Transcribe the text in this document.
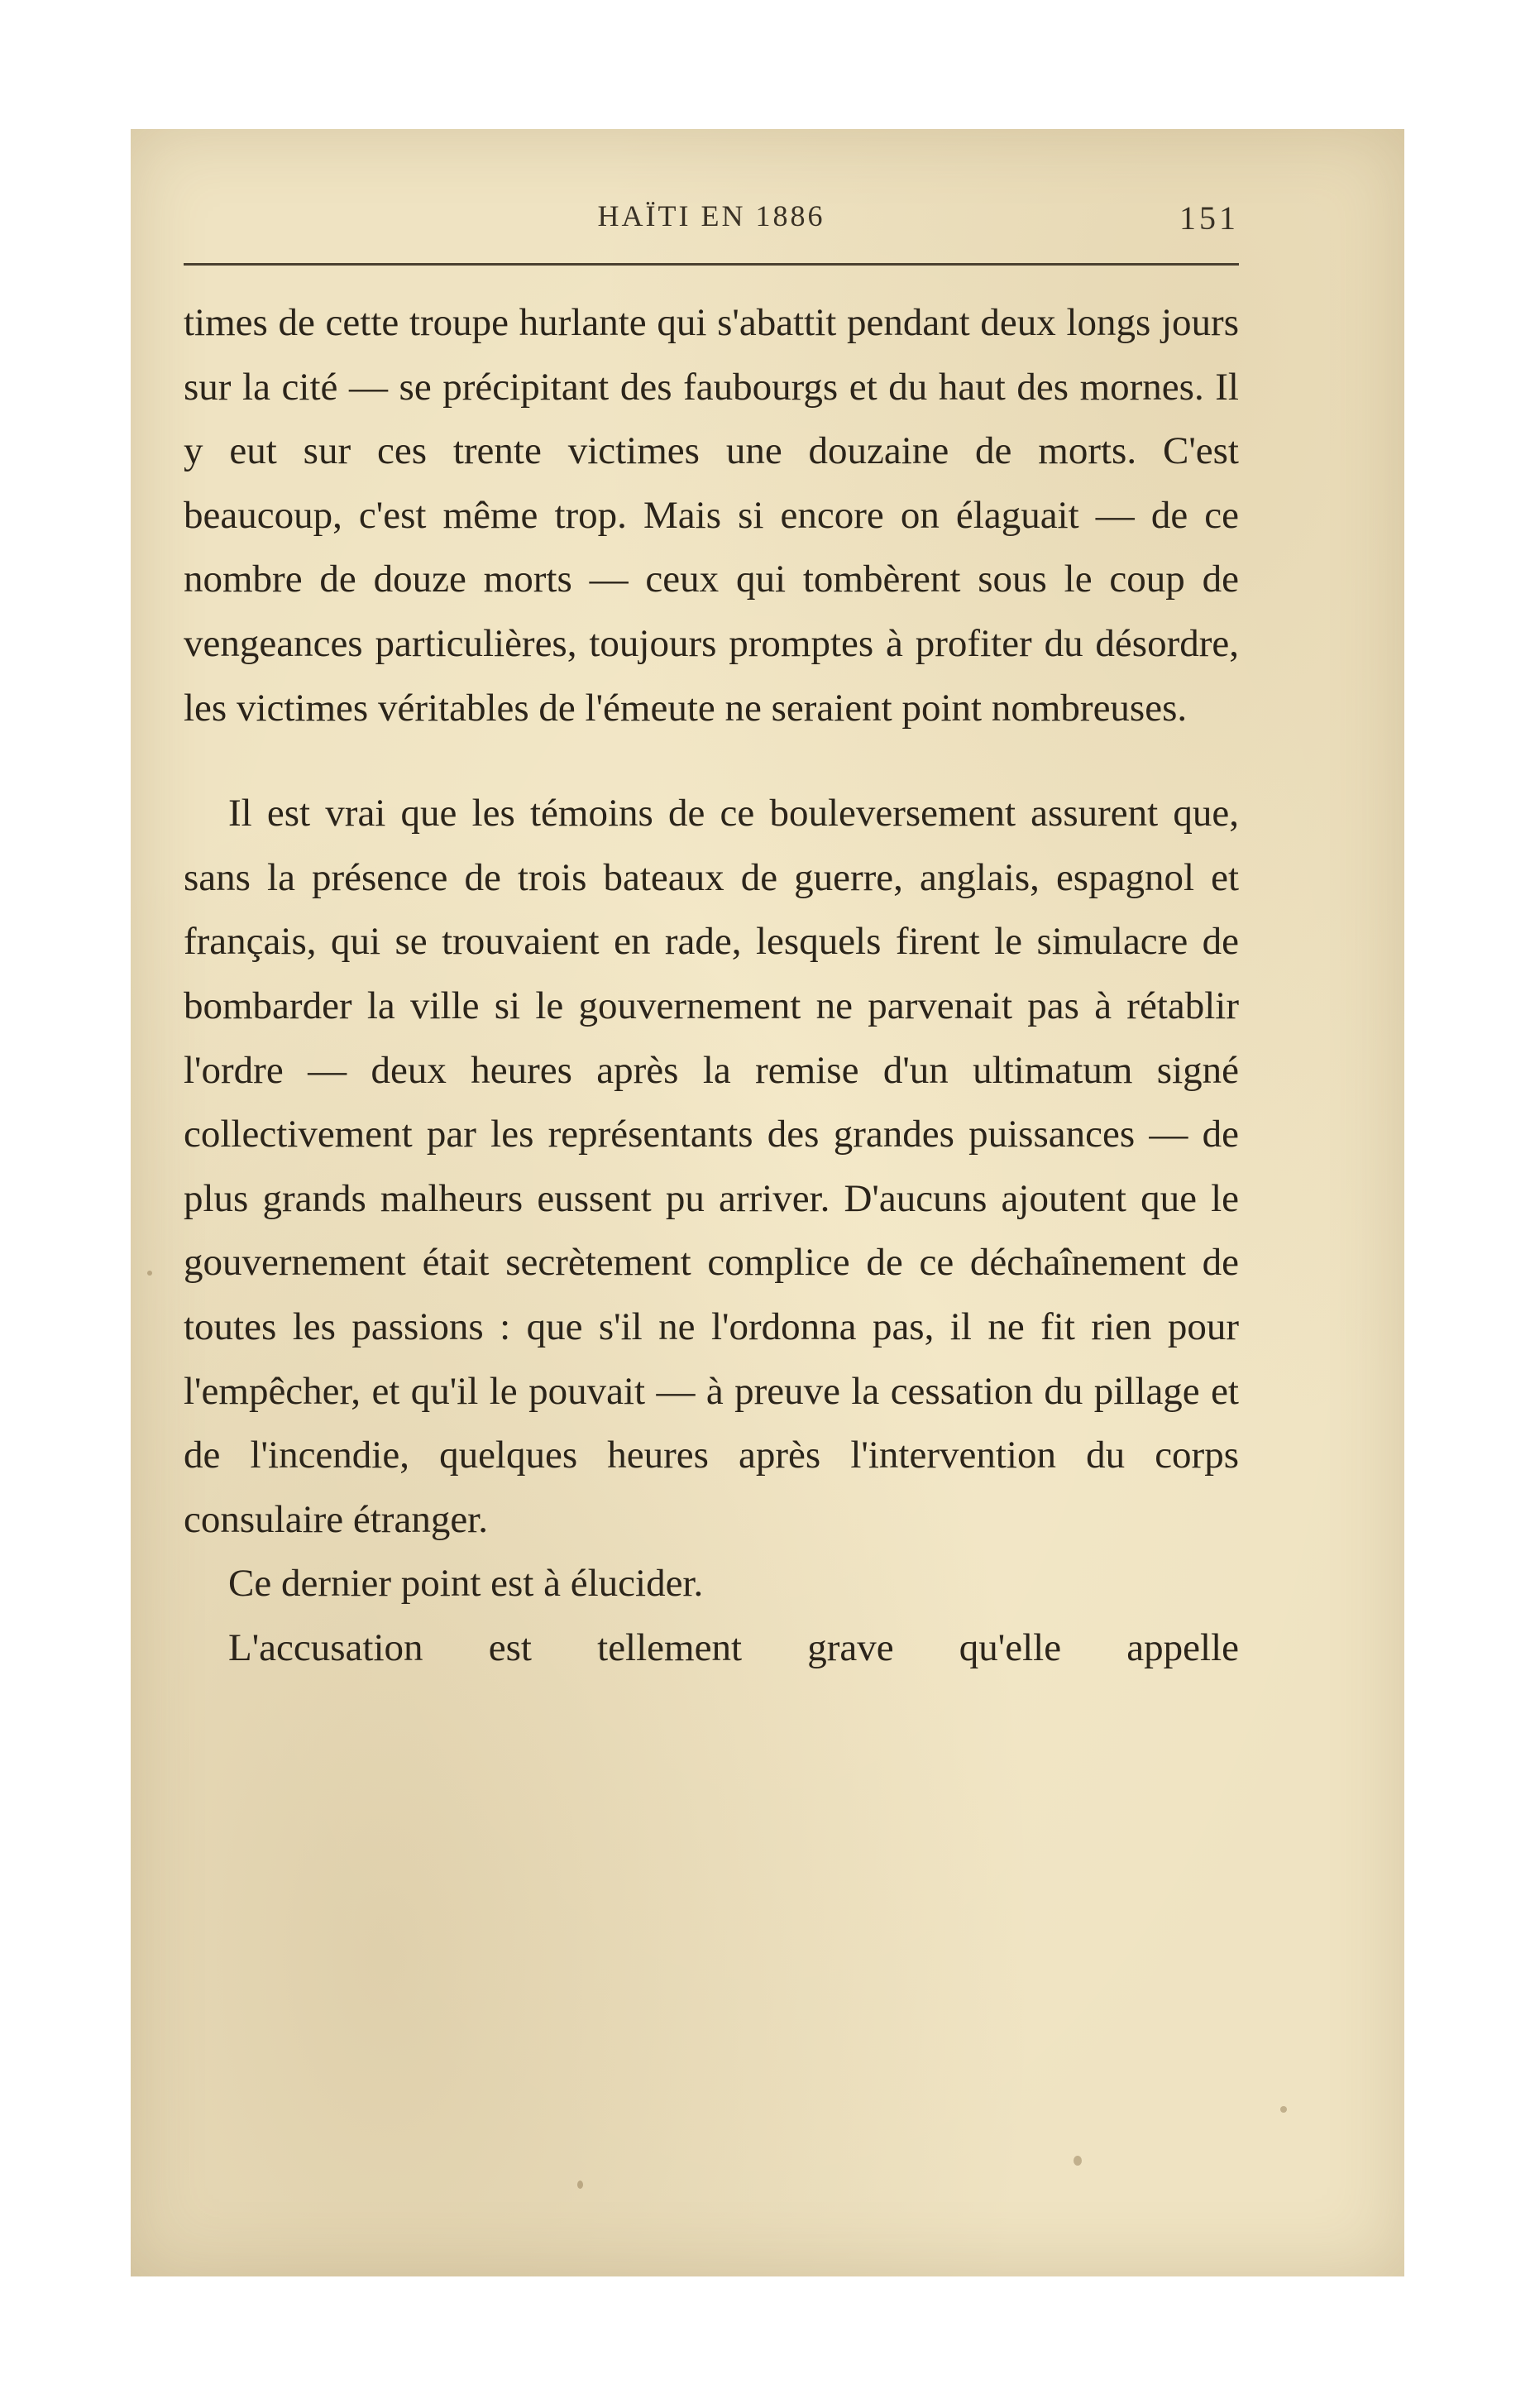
HAÏTI EN 1886	151

times de cette troupe hurlante qui s'abattit pendant deux longs jours sur la cité — se précipitant des faubourgs et du haut des mornes. Il y eut sur ces trente victimes une douzaine de morts. C'est beaucoup, c'est même trop. Mais si encore on élaguait — de ce nombre de douze morts — ceux qui tombèrent sous le coup de vengeances particulières, toujours promptes à profiter du désordre, les victimes véritables de l'émeute ne seraient point nombreuses.

Il est vrai que les témoins de ce bouleversement assurent que, sans la présence de trois bateaux de guerre, anglais, espagnol et français, qui se trouvaient en rade, lesquels firent le simulacre de bombarder la ville si le gouvernement ne parvenait pas à rétablir l'ordre — deux heures après la remise d'un ultimatum signé collectivement par les représentants des grandes puissances — de plus grands malheurs eussent pu arriver. D'aucuns ajoutent que le gouvernement était secrètement complice de ce déchaînement de toutes les passions : que s'il ne l'ordonna pas, il ne fit rien pour l'empêcher, et qu'il le pouvait — à preuve la cessation du pillage et de l'incendie, quelques heures après l'intervention du corps consulaire étranger.

Ce dernier point est à élucider.

L'accusation est tellement grave qu'elle appelle
